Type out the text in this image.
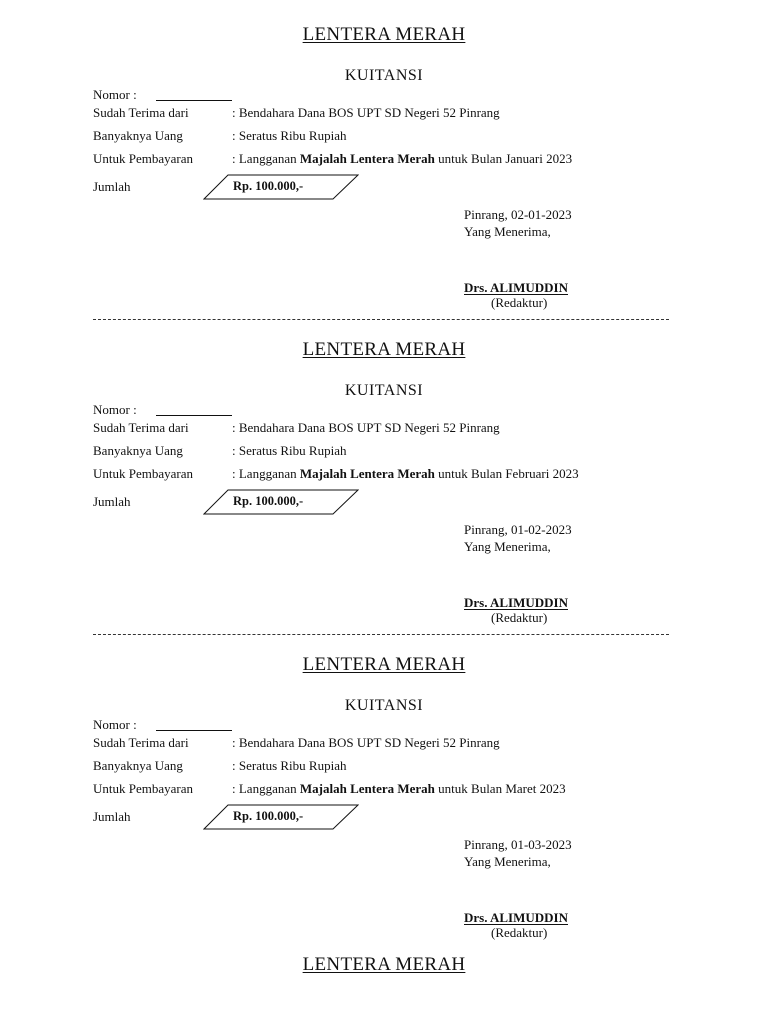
LENTERA MERAH
KUITANSI
Nomor :
Sudah Terima dari	: Bendahara Dana BOS UPT SD Negeri 52 Pinrang
Banyaknya Uang	: Seratus Ribu Rupiah
Untuk Pembayaran	: Langganan Majalah Lentera Merah untuk Bulan Januari 2023
Jumlah	Rp. 100.000,-
Pinrang, 02-01-2023
Yang Menerima,
Drs. ALIMUDDIN
(Redaktur)
LENTERA MERAH
KUITANSI
Nomor :
Sudah Terima dari	: Bendahara Dana BOS UPT SD Negeri 52 Pinrang
Banyaknya Uang	: Seratus Ribu Rupiah
Untuk Pembayaran	: Langganan Majalah Lentera Merah untuk Bulan Februari 2023
Jumlah	Rp. 100.000,-
Pinrang, 01-02-2023
Yang Menerima,
Drs. ALIMUDDIN
(Redaktur)
LENTERA MERAH
KUITANSI
Nomor :
Sudah Terima dari	: Bendahara Dana BOS UPT SD Negeri 52 Pinrang
Banyaknya Uang	: Seratus Ribu Rupiah
Untuk Pembayaran	: Langganan Majalah Lentera Merah untuk Bulan Maret 2023
Jumlah	Rp. 100.000,-
Pinrang, 01-03-2023
Yang Menerima,
Drs. ALIMUDDIN
(Redaktur)
LENTERA MERAH
